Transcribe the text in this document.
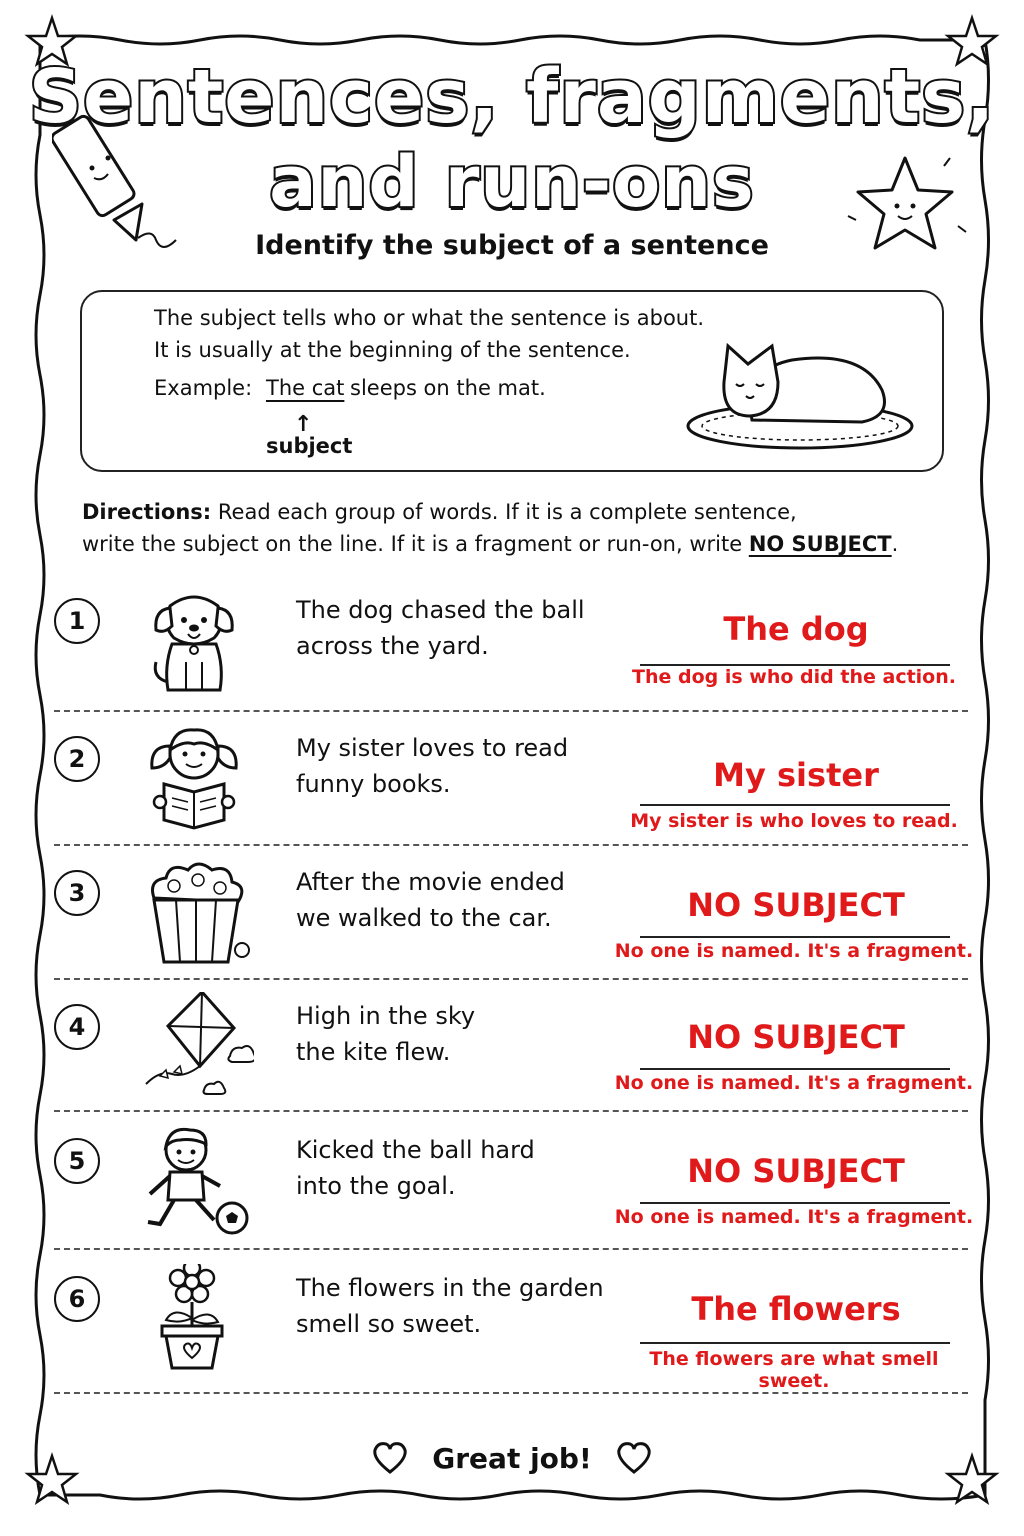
Sentences, fragments,
and run-ons
Identify the subject of a sentence
The subject tells who or what the sentence is about.
It is usually at the beginning of the sentence.
Example: The cat sleeps on the mat.
↑
subject
Directions: Read each group of words. If it is a complete sentence,
write the subject on the line. If it is a fragment or run-on, write NO SUBJECT.
1	The dog chased the ball
across the yard.	The dog
The dog is who did the action.
2	My sister loves to read
funny books.	My sister
My sister is who loves to read.
3	After the movie ended
we walked to the car.	NO SUBJECT
No one is named. It's a fragment.
4	High in the sky
the kite flew.	NO SUBJECT
No one is named. It's a fragment.
5	Kicked the ball hard
into the goal.	NO SUBJECT
No one is named. It's a fragment.
6	The flowers in the garden
smell so sweet.	The flowers
The flowers are what smell sweet.
Great job!
